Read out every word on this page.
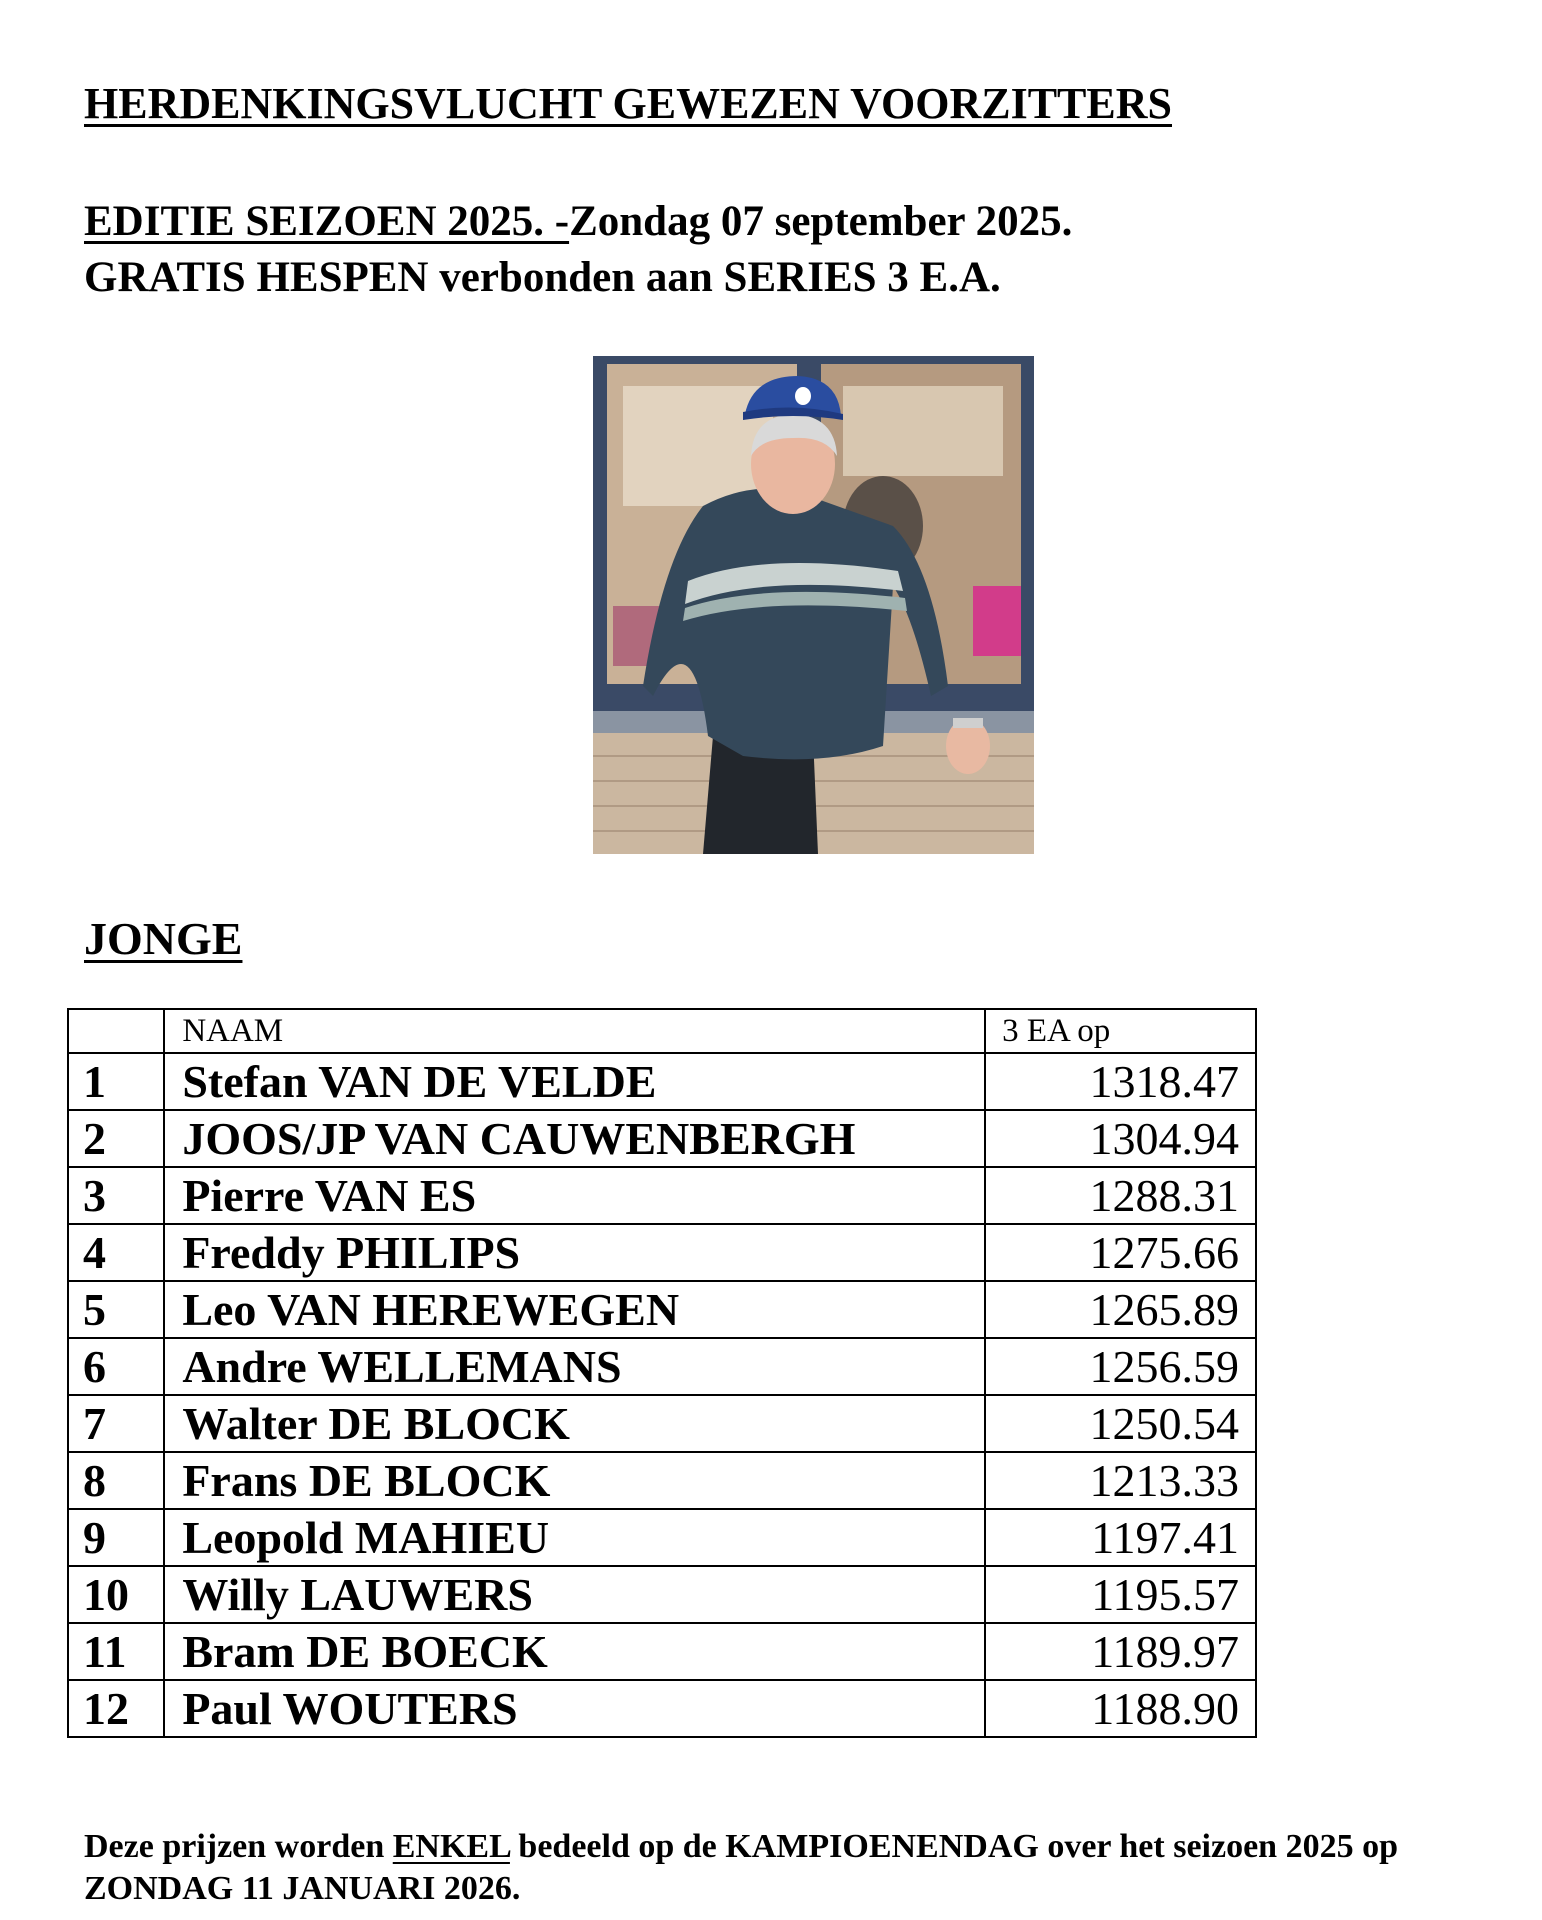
HERDENKINGSVLUCHT GEWEZEN VOORZITTERS
EDITIE SEIZOEN 2025. -Zondag 07 september 2025.
GRATIS HESPEN verbonden aan SERIES 3 E.A.
JONGE
	NAAM	3 EA op
1	Stefan VAN DE VELDE	1318.47
2	JOOS/JP VAN CAUWENBERGH	1304.94
3	Pierre VAN ES	1288.31
4	Freddy PHILIPS	1275.66
5	Leo VAN HEREWEGEN	1265.89
6	Andre WELLEMANS	1256.59
7	Walter DE BLOCK	1250.54
8	Frans DE BLOCK	1213.33
9	Leopold MAHIEU	1197.41
10	Willy LAUWERS	1195.57
11	Bram DE BOECK	1189.97
12	Paul WOUTERS	1188.90
Deze prijzen worden ENKEL bedeeld op de KAMPIOENENDAG over het seizoen 2025 op
ZONDAG 11 JANUARI 2026.
